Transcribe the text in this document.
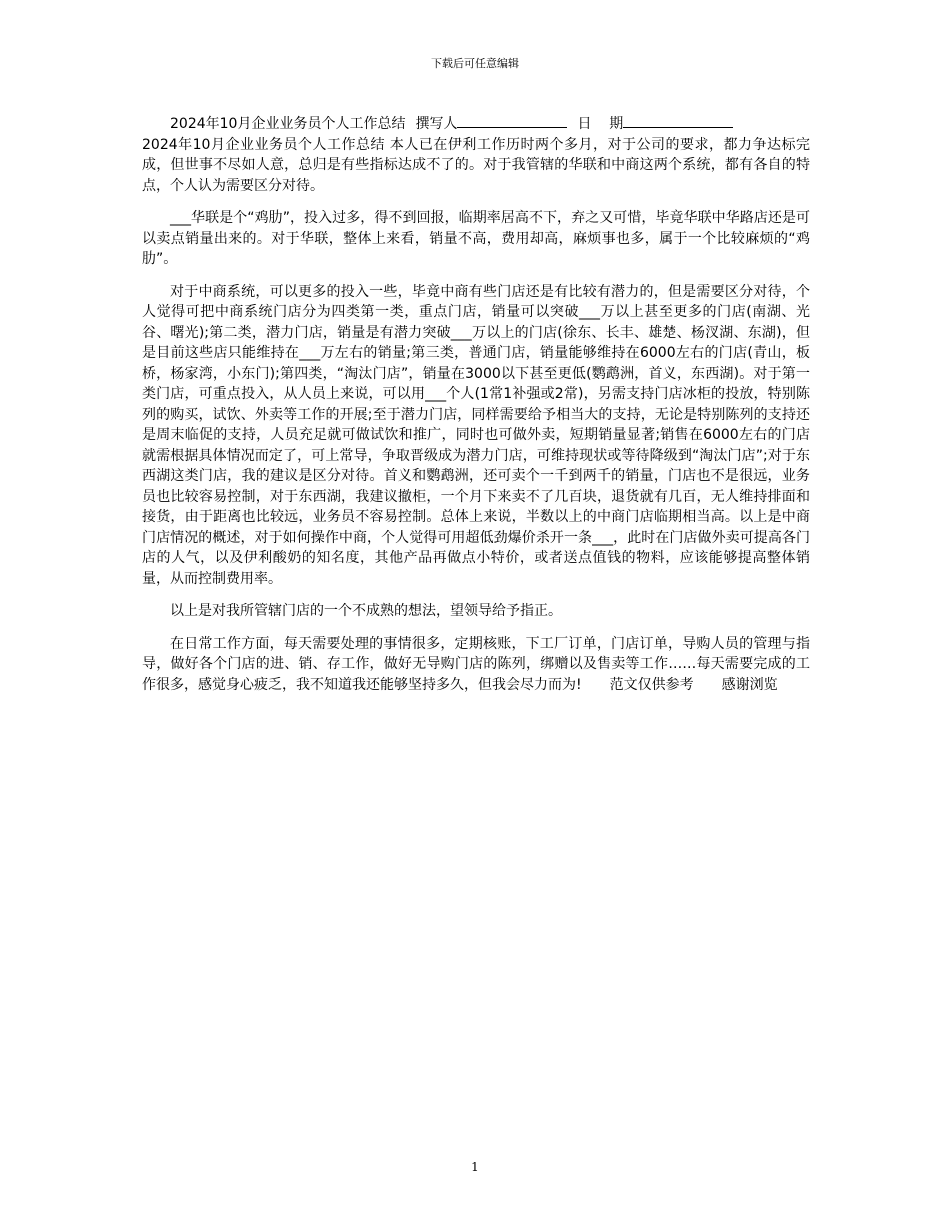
下载后可任意编辑

2024年10月企业业务员个人工作总结 撰写人	日    期

2024年10月企业业务员个人工作总结 本人已在伊利工作历时两个多月，对于公司的要求，都力争达标完成，但世事不尽如人意，总归是有些指标达成不了的。对于我管辖的华联和中商这两个系统，都有各自的特点，个人认为需要区分对待。

___华联是个“鸡肋”，投入过多，得不到回报，临期率居高不下，弃之又可惜，毕竟华联中华路店还是可以卖点销量出来的。对于华联，整体上来看，销量不高，费用却高，麻烦事也多，属于一个比较麻烦的“鸡肋”。

对于中商系统，可以更多的投入一些，毕竟中商有些门店还是有比较有潜力的，但是需要区分对待，个人觉得可把中商系统门店分为四类第一类，重点门店，销量可以突破___万以上甚至更多的门店(南湖、光谷、曙光);第二类，潜力门店，销量是有潜力突破___万以上的门店(徐东、长丰、雄楚、杨汊湖、东湖)，但是目前这些店只能维持在___万左右的销量;第三类，普通门店，销量能够维持在6000左右的门店(青山，板桥，杨家湾，小东门);第四类，“淘汰门店”，销量在3000以下甚至更低(鹦鹉洲，首义，东西湖)。对于第一类门店，可重点投入，从人员上来说，可以用___个人(1常1补强或2常)，另需支持门店冰柜的投放，特别陈列的购买，试饮、外卖等工作的开展;至于潜力门店，同样需要给予相当大的支持，无论是特别陈列的支持还是周末临促的支持，人员充足就可做试饮和推广，同时也可做外卖，短期销量显著;销售在6000左右的门店就需根据具体情况而定了，可上常导，争取晋级成为潜力门店，可维持现状或等待降级到“淘汰门店”;对于东西湖这类门店，我的建议是区分对待。首义和鹦鹉洲，还可卖个一千到两千的销量，门店也不是很远，业务员也比较容易控制，对于东西湖，我建议撤柜，一个月下来卖不了几百块，退货就有几百，无人维持排面和接货，由于距离也比较远，业务员不容易控制。总体上来说，半数以上的中商门店临期相当高。以上是中商门店情况的概述，对于如何操作中商，个人觉得可用超低劲爆价杀开一条___，此时在门店做外卖可提高各门店的人气，以及伊利酸奶的知名度，其他产品再做点小特价，或者送点值钱的物料，应该能够提高整体销量，从而控制费用率。

以上是对我所管辖门店的一个不成熟的想法，望领导给予指正。

在日常工作方面，每天需要处理的事情很多，定期核账，下工厂订单，门店订单，导购人员的管理与指导，做好各个门店的进、销、存工作，做好无导购门店的陈列，绑赠以及售卖等工作……每天需要完成的工作很多，感觉身心疲乏，我不知道我还能够坚持多久，但我会尽力而为! 范文仅供参考 感谢浏览

1
